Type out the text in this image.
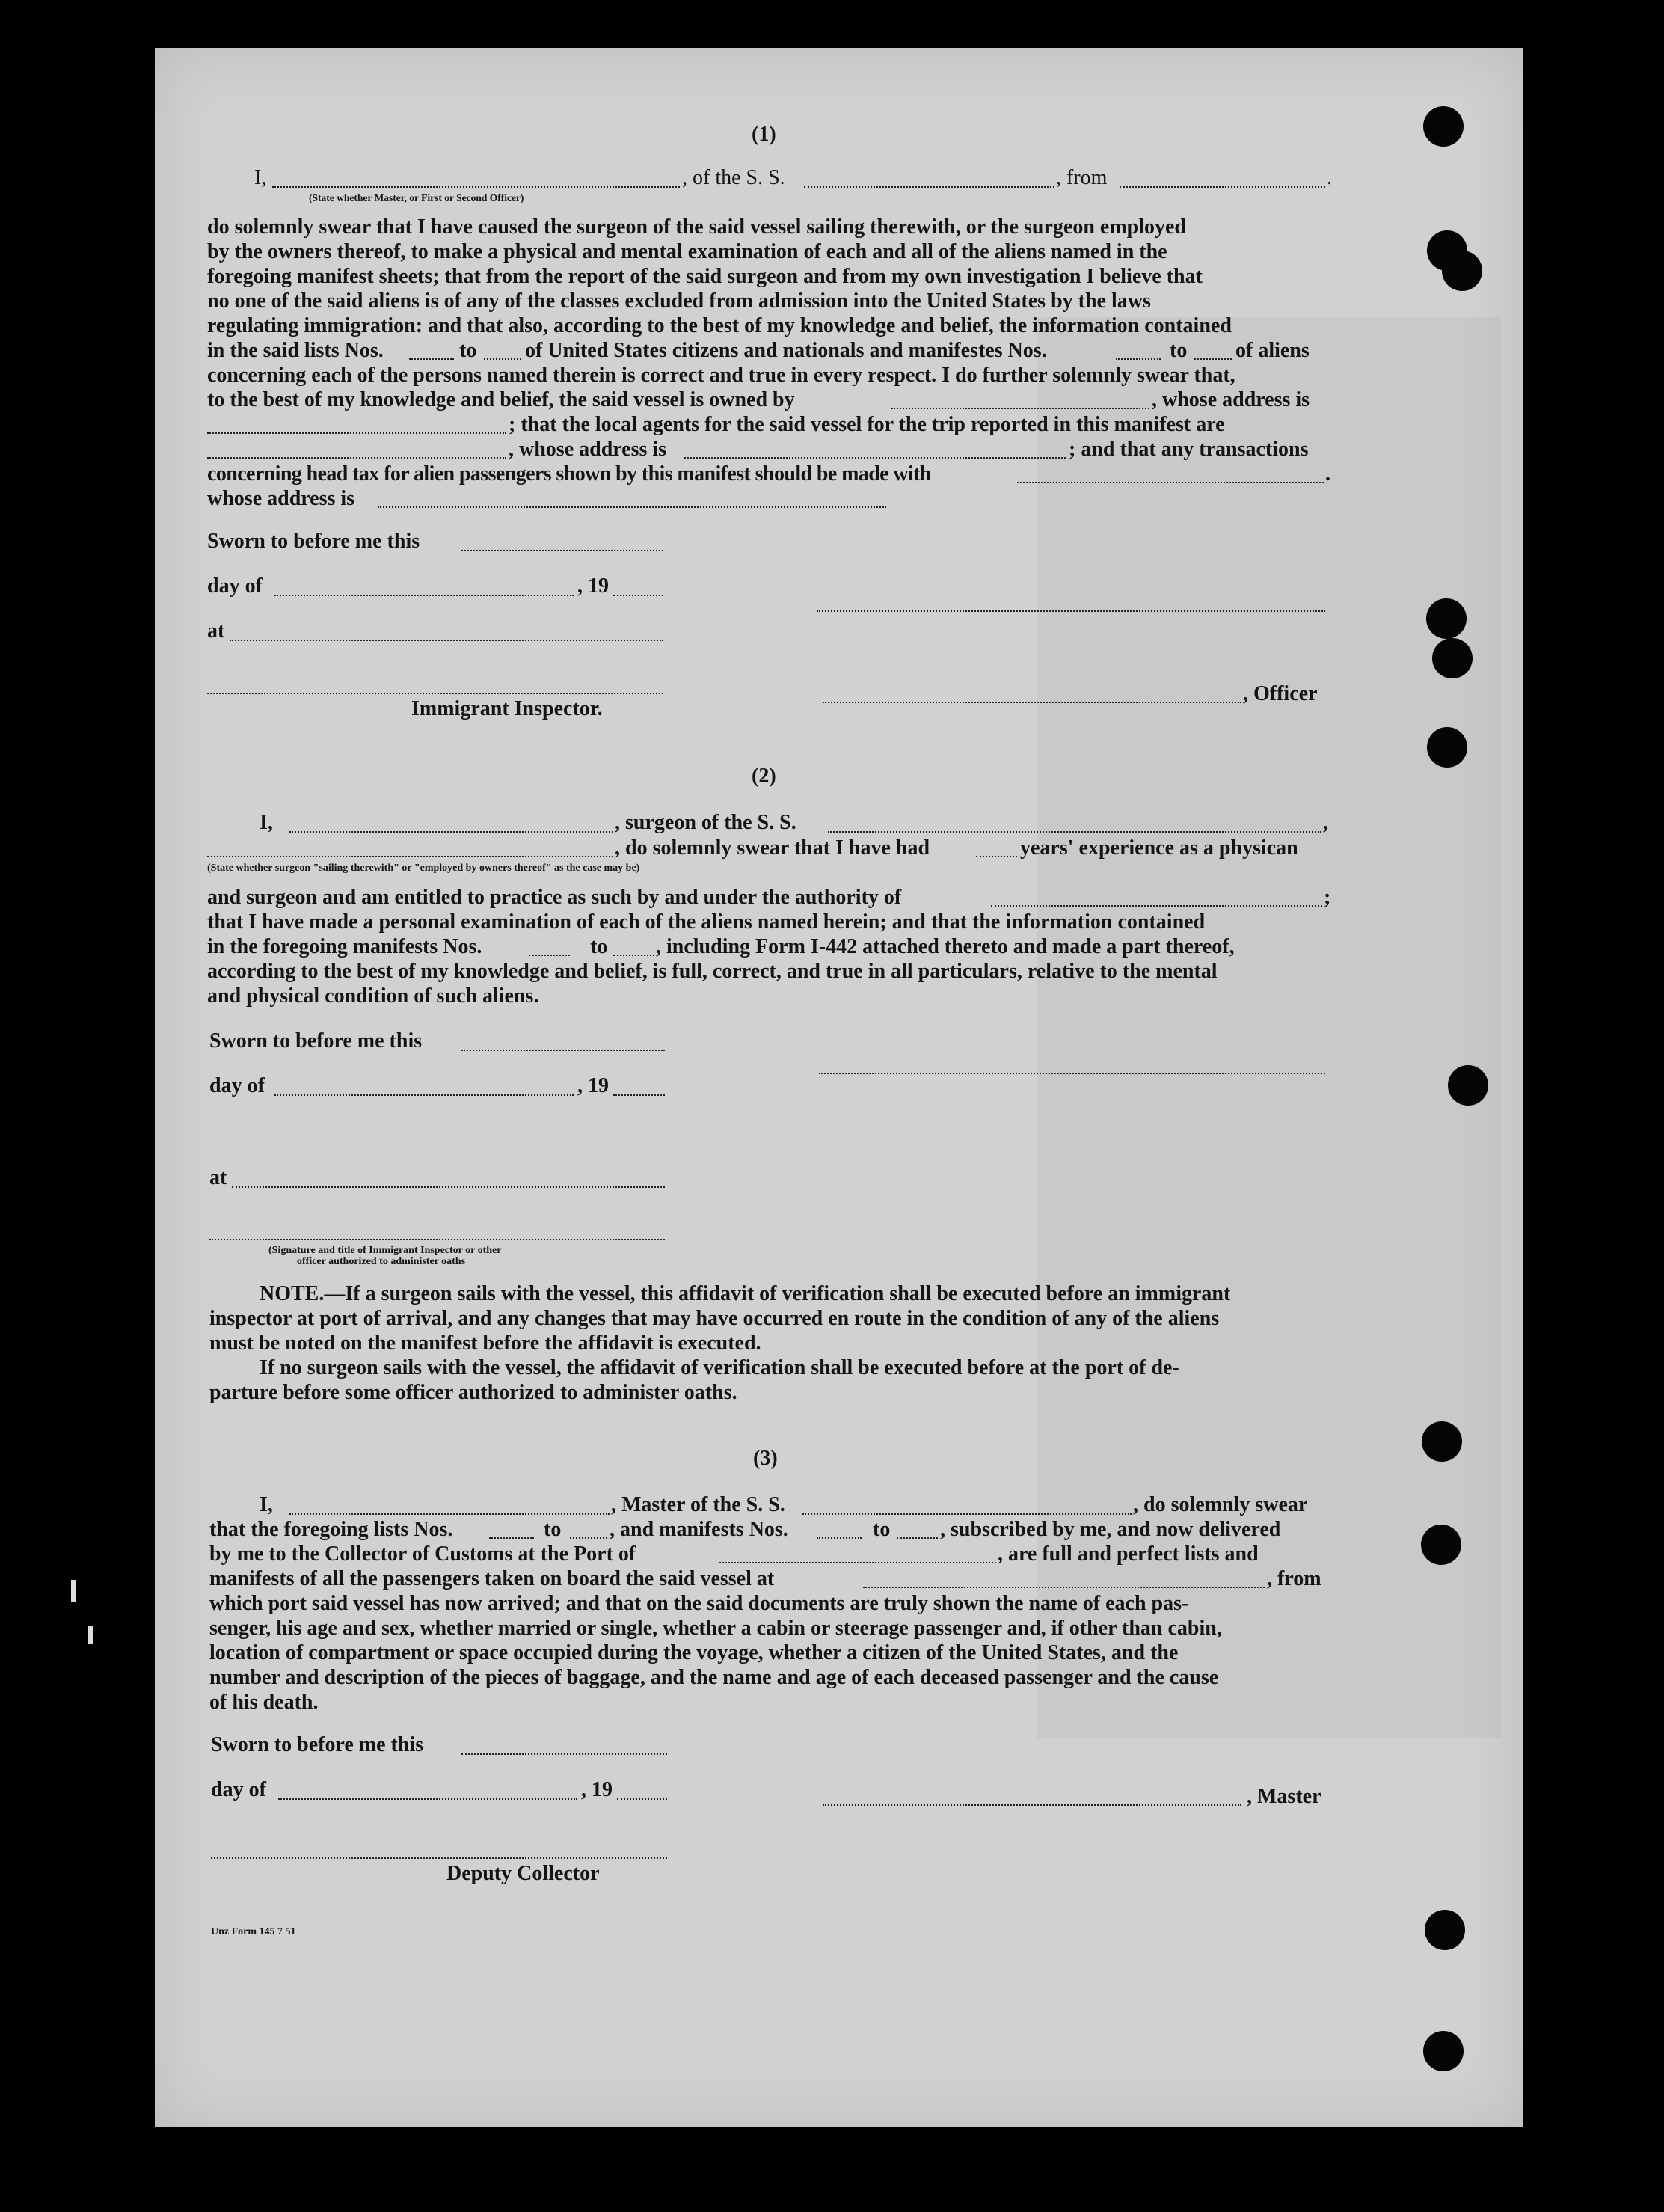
(1)
I,	, of the S. S.	, from	.
(State whether Master, or First or Second Officer)
do solemnly swear that I have caused the surgeon of the said vessel sailing therewith, or the surgeon employed
by the owners thereof, to make a physical and mental examination of each and all of the aliens named in the
foregoing manifest sheets; that from the report of the said surgeon and from my own investigation I believe that
no one of the said aliens is of any of the classes excluded from admission into the United States by the laws
regulating immigration: and that also, according to the best of my knowledge and belief, the information contained
in the said lists Nos.	to of United States citizens and nationals and manifestes Nos.	to of aliens
concerning each of the persons named therein is correct and true in every respect. I do further solemnly swear that,
to the best of my knowledge and belief, the said vessel is owned by	, whose address is
; that the local agents for the said vessel for the trip reported in this manifest are
, whose address is	; and that any transactions
concerning head tax for alien passengers shown by this manifest should be made with	.
whose address is
Sworn to before me this
day of	, 19
at
, Officer
Immigrant Inspector.
(2)
I,	, surgeon of the S. S.	,
, do solemnly swear that I have had	years' experience as a physican
(State whether surgeon "sailing therewith" or "employed by owners thereof" as the case may be)
and surgeon and am entitled to practice as such by and under the authority of	;
that I have made a personal examination of each of the aliens named herein; and that the information contained
in the foregoing manifests Nos.	to , including Form I-442 attached thereto and made a part thereof,
according to the best of my knowledge and belief, is full, correct, and true in all particulars, relative to the mental
and physical condition of such aliens.
Sworn to before me this
day of	, 19
at
(Signature and title of Immigrant Inspector or other
officer authorized to administer oaths
NOTE.—If a surgeon sails with the vessel, this affidavit of verification shall be executed before an immigrant
inspector at port of arrival, and any changes that may have occurred en route in the condition of any of the aliens
must be noted on the manifest before the affidavit is executed.
If no surgeon sails with the vessel, the affidavit of verification shall be executed before at the port of de-
parture before some officer authorized to administer oaths.
(3)
I,	, Master of the S. S.	, do solemnly swear
that the foregoing lists Nos.	to , and manifests Nos.	to , subscribed by me, and now delivered
by me to the Collector of Customs at the Port of	, are full and perfect lists and
manifests of all the passengers taken on board the said vessel at	, from
which port said vessel has now arrived; and that on the said documents are truly shown the name of each pas-
senger, his age and sex, whether married or single, whether a cabin or steerage passenger and, if other than cabin,
location of compartment or space occupied during the voyage, whether a citizen of the United States, and the
number and description of the pieces of baggage, and the name and age of each deceased passenger and the cause
of his death.
Sworn to before me this
day of	, 19	, Master
Deputy Collector
Unz Form 145 7 51
